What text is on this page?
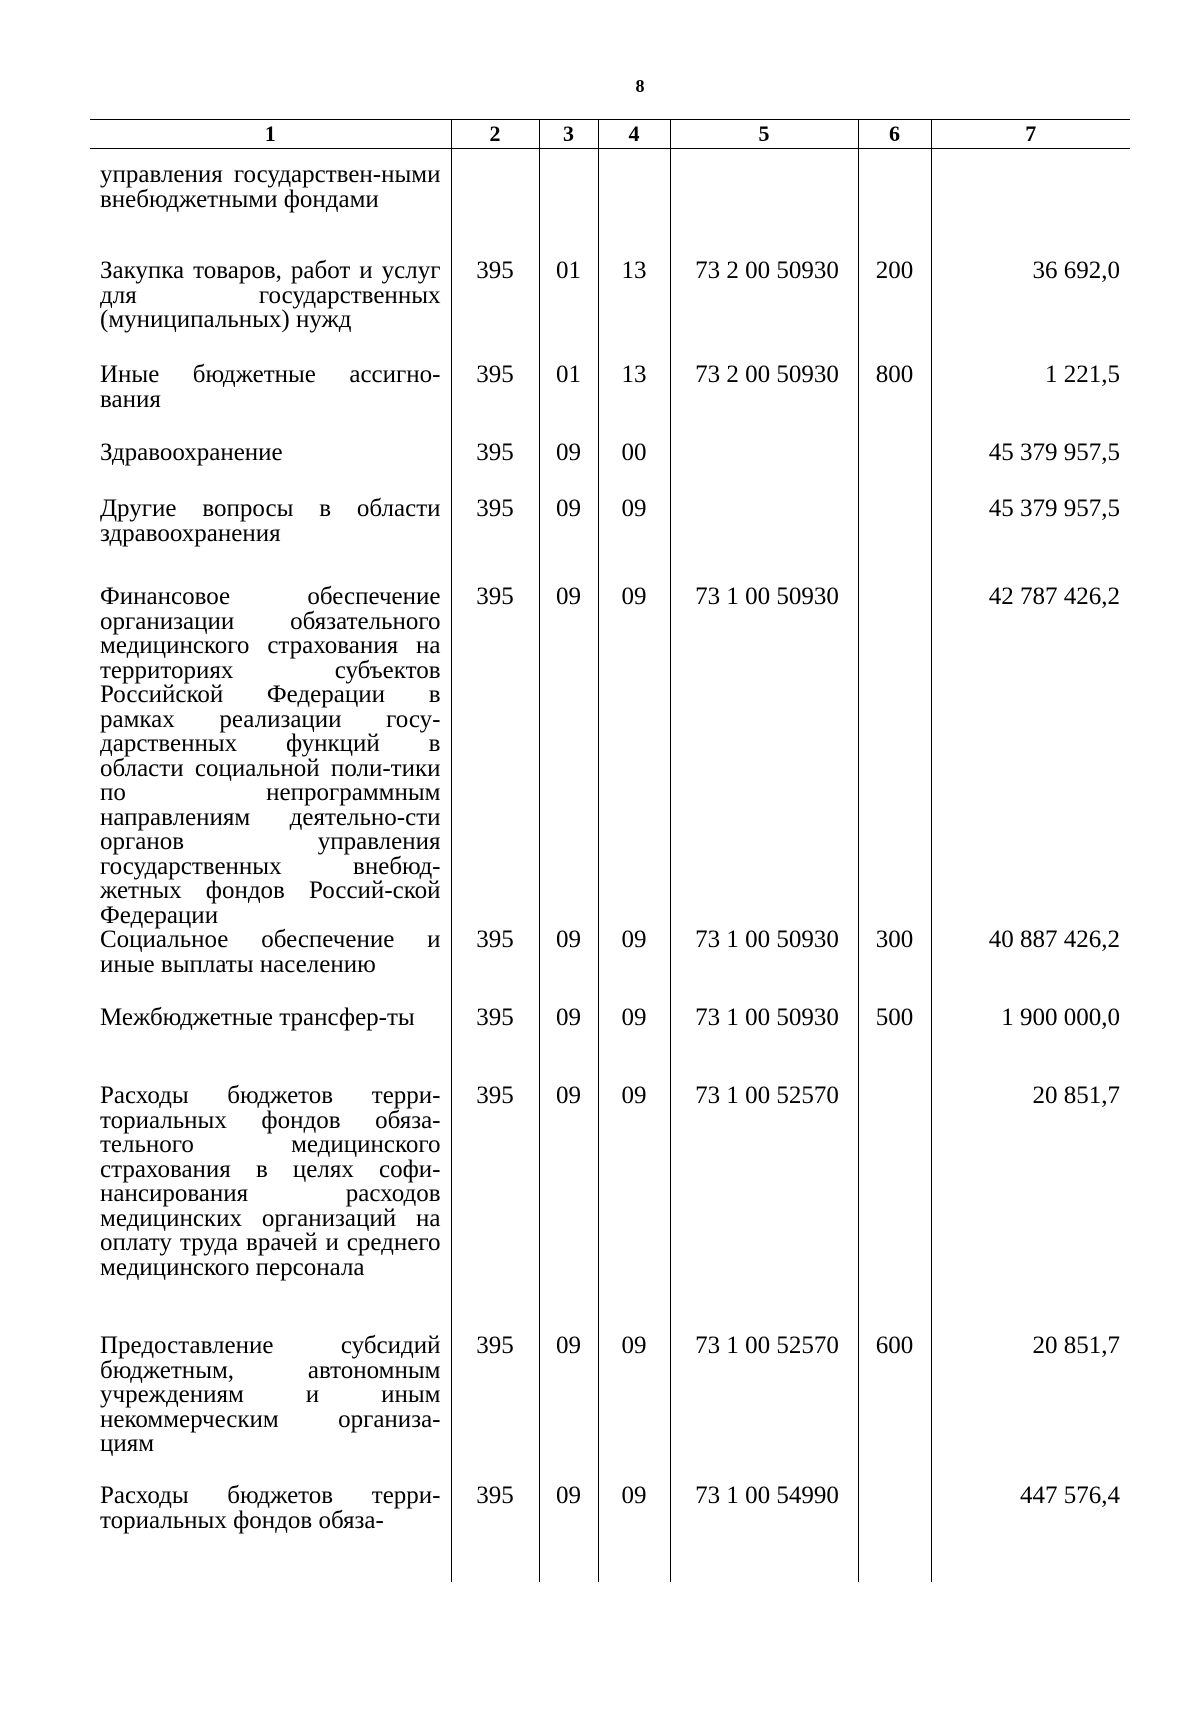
8
1	2	3	4	5	6	7
управления государствен-ными внебюджетными фондами						
Закупка товаров, работ и услуг для государственных (муниципальных) нужд	395	01	13	73 2 00 50930	200	36 692,0
Иные бюджетные ассигно-вания	395	01	13	73 2 00 50930	800	1 221,5
Здравоохранение	395	09	00			45 379 957,5
Другие вопросы в области здравоохранения	395	09	09			45 379 957,5
Финансовое обеспечение организации обязательного медицинского страхования на территориях субъектов Российской Федерации в рамках реализации госу-дарственных функций в области социальной поли-тики по непрограммным направлениям деятельно-сти органов управления государственных внебюд-жетных фондов Россий-ской Федерации	395	09	09	73 1 00 50930		42 787 426,2
Социальное обеспечение и иные выплаты населению	395	09	09	73 1 00 50930	300	40 887 426,2
Межбюджетные трансфер-ты	395	09	09	73 1 00 50930	500	1 900 000,0
Расходы бюджетов терри-ториальных фондов обяза-тельного медицинского страхования в целях софи-нансирования расходов медицинских организаций на оплату труда врачей и среднего медицинского персонала	395	09	09	73 1 00 52570		20 851,7
Предоставление субсидий бюджетным, автономным учреждениям и иным некоммерческим организа-циям	395	09	09	73 1 00 52570	600	20 851,7
Расходы бюджетов терри-ториальных фондов обяза-	395	09	09	73 1 00 54990		447 576,4
